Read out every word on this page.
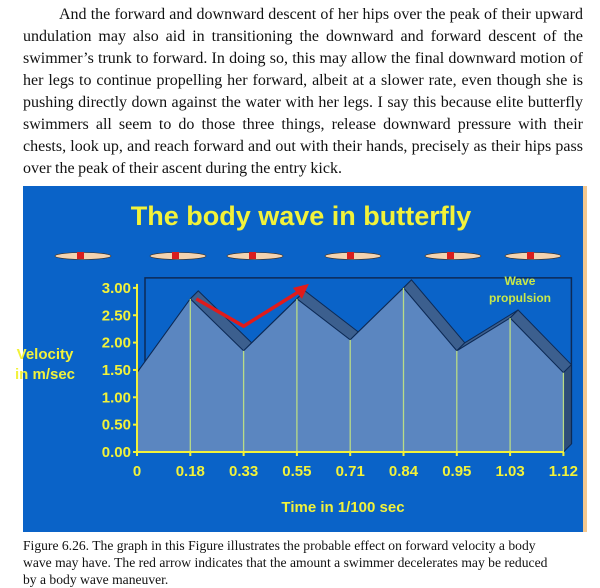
And the forward and downward descent of her hips over the peak of their upward undulation may also aid in transitioning the downward and forward descent of the swimmer’s trunk to forward. In doing so, this may allow the final downward motion of her legs to continue propelling her forward, albeit at a slower rate, even though she is pushing directly down against the water with her legs. I say this because elite butterfly swimmers all seem to do those three things, release downward pressure with their chests, look up, and reach forward and out with their hands, precisely as their hips pass over the peak of their ascent during the entry kick.

The body wave in butterfly
0 0.18 0.33 0.55 0.71 0.84 0.95 1.03 1.12
0.00
0.50
1.00
1.50
2.00
2.50
3.00
Velocity
in m/sec
Time in 1/100 sec
Wave
propulsion

Figure 6.26. The graph in this Figure illustrates the probable effect on forward velocity a body wave may have. The red arrow indicates that the amount a swimmer decelerates may be reduced by a body wave maneuver.
